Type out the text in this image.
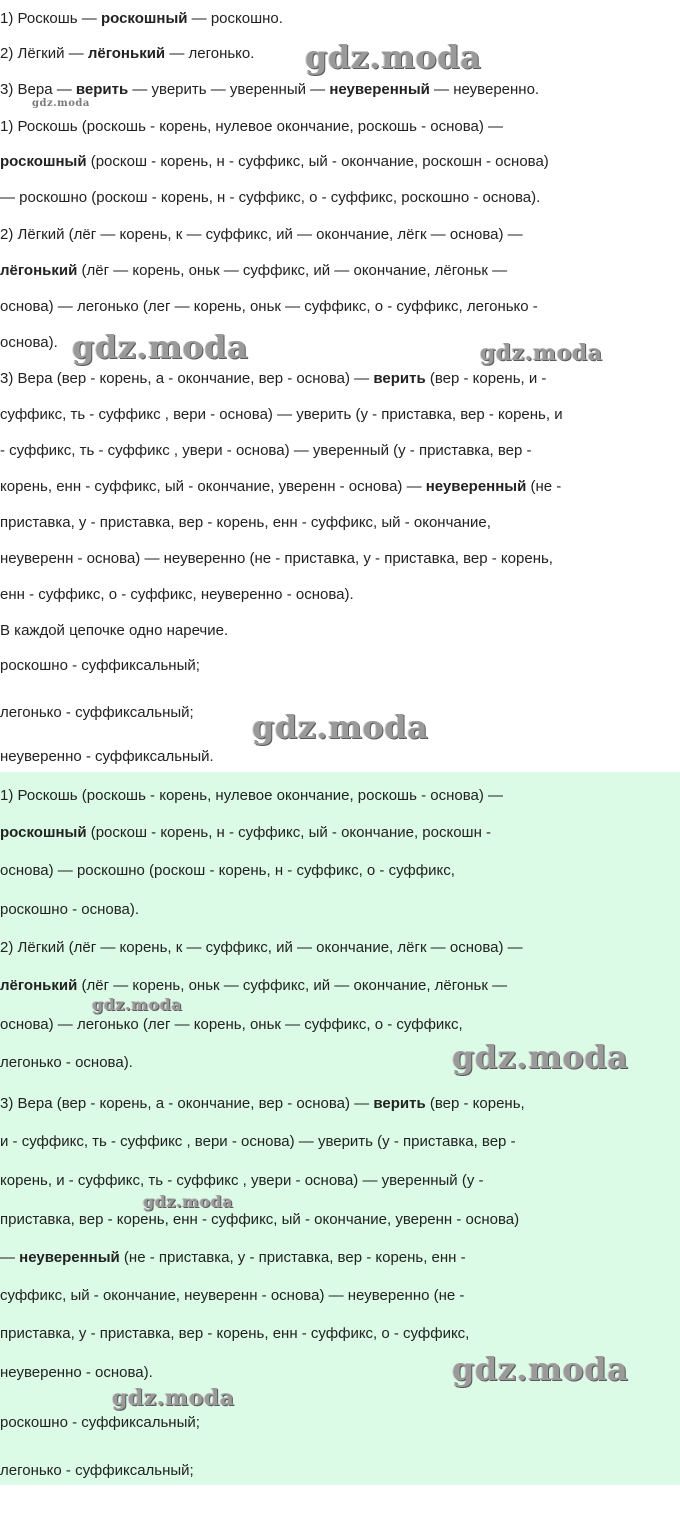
1) Роскошь — роскошный — роскошно.
2) Лёгкий — лёгонький — легонько.
3) Вера — верить — уверить — уверенный — неуверенный — неуверенно.
1) Роскошь (роскошь - корень, нулевое окончание, роскошь - основа) —
роскошный (роскош - корень, н - суффикс, ый - окончание, роскошн - основа)
— роскошно (роскош - корень, н - суффикс, о - суффикс, роскошно - основа).
2) Лёгкий (лёг — корень, к — суффикс, ий — окончание, лёгк — основа) —
лёгонький (лёг — корень, оньк — суффикс, ий — окончание, лёгоньк —
основа) — легонько (лег — корень, оньк — суффикс, о - суффикс, легонько -
основа).
3) Вера (вер - корень, а - окончание, вер - основа) — верить (вер - корень, и -
суффикс, ть - суффикс , вери - основа) — уверить (у - приставка, вер - корень, и
- суффикс, ть - суффикс , увери - основа) — уверенный (у - приставка, вер -
корень, енн - суффикс, ый - окончание, уверенн - основа) — неуверенный (не -
приставка, у - приставка, вер - корень, енн - суффикс, ый - окончание,
неуверенн - основа) — неуверенно (не - приставка, у - приставка, вер - корень,
енн - суффикс, о - суффикс, неуверенно - основа).
В каждой цепочке одно наречие.
роскошно - суффиксальный;
легонько - суффиксальный;
неуверенно - суффиксальный.
1) Роскошь (роскошь - корень, нулевое окончание, роскошь - основа) —
роскошный (роскош - корень, н - суффикс, ый - окончание, роскошн -
основа) — роскошно (роскош - корень, н - суффикс, о - суффикс,
роскошно - основа).
2) Лёгкий (лёг — корень, к — суффикс, ий — окончание, лёгк — основа) —
лёгонький (лёг — корень, оньк — суффикс, ий — окончание, лёгоньк —
основа) — легонько (лег — корень, оньк — суффикс, о - суффикс,
легонько - основа).
3) Вера (вер - корень, а - окончание, вер - основа) — верить (вер - корень,
и - суффикс, ть - суффикс , вери - основа) — уверить (у - приставка, вер -
корень, и - суффикс, ть - суффикс , увери - основа) — уверенный (у -
приставка, вер - корень, енн - суффикс, ый - окончание, уверенн - основа)
— неуверенный (не - приставка, у - приставка, вер - корень, енн -
суффикс, ый - окончание, неуверенн - основа) — неуверенно (не -
приставка, у - приставка, вер - корень, енн - суффикс, о - суффикс,
неуверенно - основа).
роскошно - суффиксальный;
легонько - суффиксальный;
gdz.moda
gdz.moda
gdz.moda	gdz.moda
gdz.moda
gdz.moda
gdz.moda
gdz.moda
gdz.moda
gdz.moda
